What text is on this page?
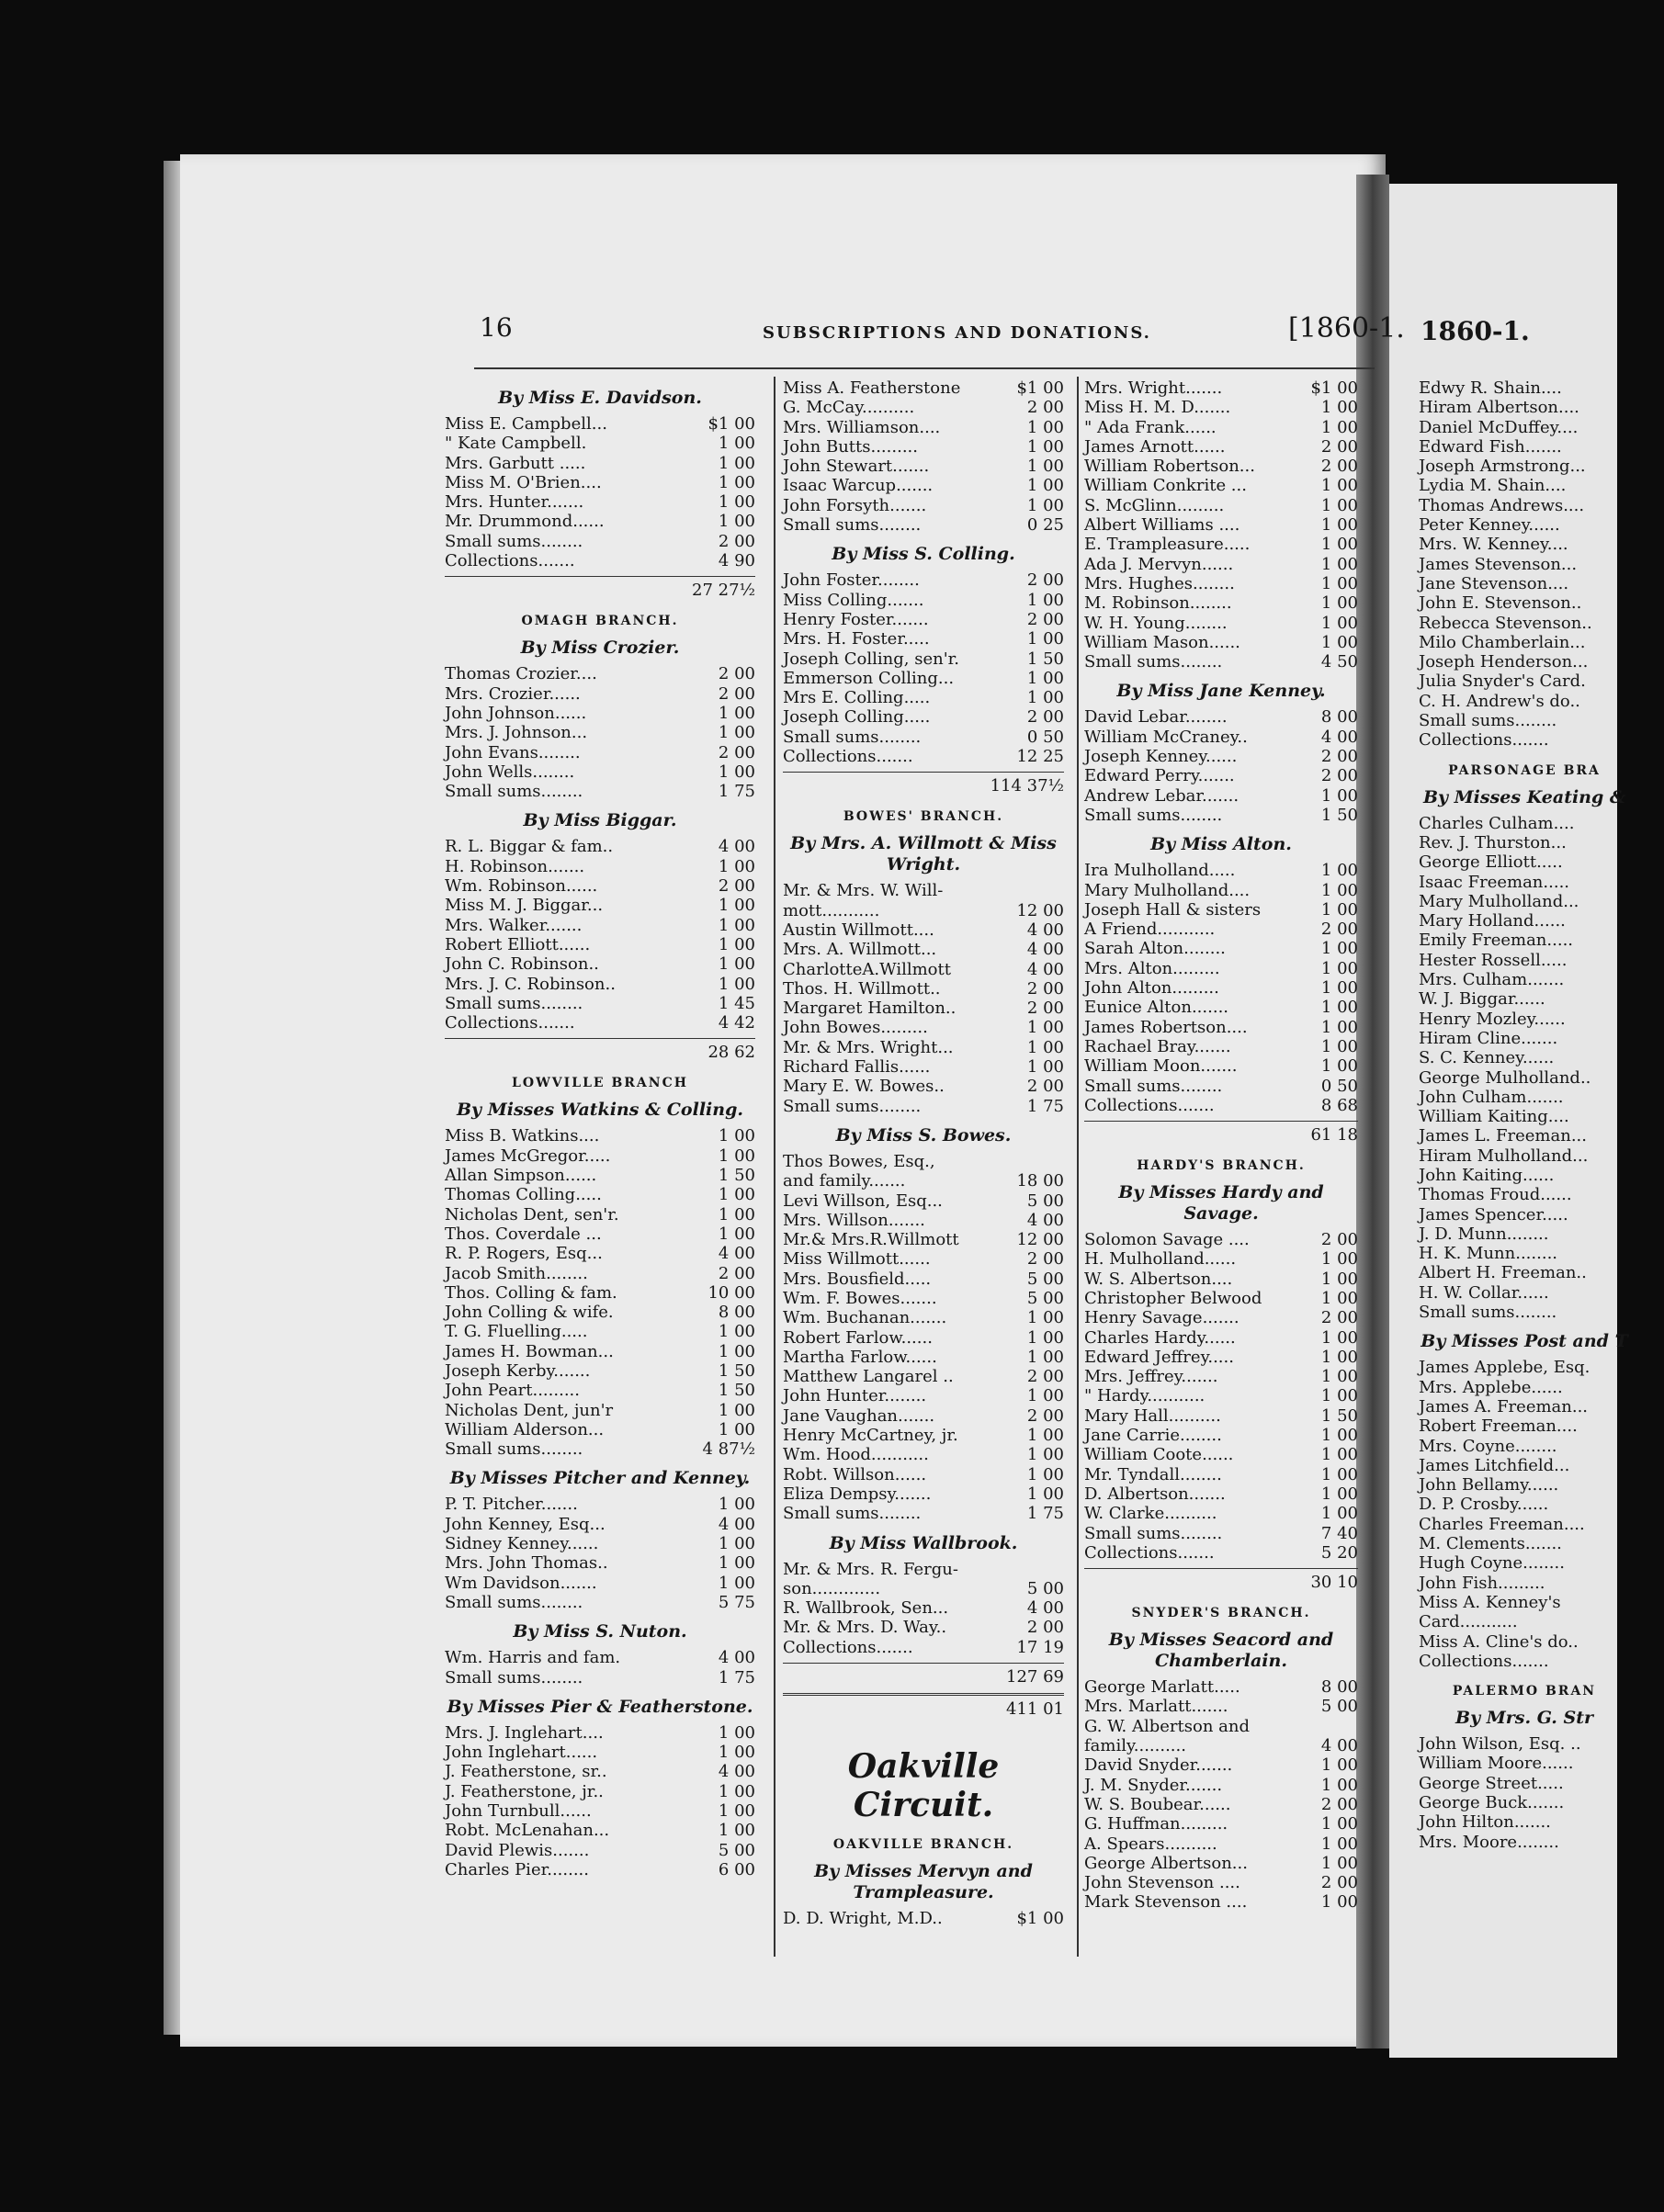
16	SUBSCRIPTIONS AND DONATIONS.	[1860-1. 1860-1.
By Miss E. Davidson.
Miss E. Campbell...	$1 00
" Kate Campbell.	1 00
Mrs. Garbutt .....	1 00
Miss M. O'Brien....	1 00
Mrs. Hunter.......	1 00
Mr. Drummond......	1 00
Small sums........	2 00
Collections.......	4 90
27 27½
OMAGH BRANCH.
By Miss Crozier.
Thomas Crozier....	2 00
Mrs. Crozier......	2 00
John Johnson......	1 00
Mrs. J. Johnson...	1 00
John Evans........	2 00
John Wells........	1 00
Small sums........	1 75
By Miss Biggar.
R. L. Biggar & fam..	4 00
H. Robinson.......	1 00
Wm. Robinson......	2 00
Miss M. J. Biggar...	1 00
Mrs. Walker.......	1 00
Robert Elliott......	1 00
John C. Robinson..	1 00
Mrs. J. C. Robinson..	1 00
Small sums........	1 45
Collections.......	4 42
28 62
LOWVILLE BRANCH
By Misses Watkins & Colling.
Miss B. Watkins....	1 00
James McGregor.....	1 00
Allan Simpson......	1 50
Thomas Colling.....	1 00
Nicholas Dent, sen'r.	1 00
Thos. Coverdale ...	1 00
R. P. Rogers, Esq...	4 00
Jacob Smith........	2 00
Thos. Colling & fam.	10 00
John Colling & wife.	8 00
T. G. Fluelling.....	1 00
James H. Bowman...	1 00
Joseph Kerby.......	1 50
John Peart.........	1 50
Nicholas Dent, jun'r	1 00
William Alderson...	1 00
Small sums........	4 87½
By Misses Pitcher and Kenney.
P. T. Pitcher.......	1 00
John Kenney, Esq...	4 00
Sidney Kenney......	1 00
Mrs. John Thomas..	1 00
Wm Davidson.......	1 00
Small sums........	5 75
By Miss S. Nuton.
Wm. Harris and fam.	4 00
Small sums........	1 75
By Misses Pier & Featherstone.
Mrs. J. Inglehart....	1 00
John Inglehart......	1 00
J. Featherstone, sr..	4 00
J. Featherstone, jr..	1 00
John Turnbull......	1 00
Robt. McLenahan...	1 00
David Plewis.......	5 00
Charles Pier........	6 00
Miss A. Featherstone	$1 00
G. McCay..........	2 00
Mrs. Williamson....	1 00
John Butts.........	1 00
John Stewart.......	1 00
Isaac Warcup.......	1 00
John Forsyth.......	1 00
Small sums........	0 25
By Miss S. Colling.
John Foster........	2 00
Miss Colling.......	1 00
Henry Foster.......	2 00
Mrs. H. Foster.....	1 00
Joseph Colling, sen'r.	1 50
Emmerson Colling...	1 00
Mrs E. Colling.....	1 00
Joseph Colling.....	2 00
Small sums........	0 50
Collections.......	12 25
114 37½
BOWES' BRANCH.
By Mrs. A. Willmott & Miss Wright.
Mr. & Mrs. W. Will-
mott...........	12 00
Austin Willmott....	4 00
Mrs. A. Willmott...	4 00
CharlotteA.Willmott	4 00
Thos. H. Willmott..	2 00
Margaret Hamilton..	2 00
John Bowes.........	1 00
Mr. & Mrs. Wright...	1 00
Richard Fallis......	1 00
Mary E. W. Bowes..	2 00
Small sums........	1 75
By Miss S. Bowes.
Thos Bowes, Esq.,
and family.......	18 00
Levi Willson, Esq...	5 00
Mrs. Willson.......	4 00
Mr.& Mrs.R.Willmott	12 00
Miss Willmott......	2 00
Mrs. Bousfield.....	5 00
Wm. F. Bowes.......	5 00
Wm. Buchanan.......	1 00
Robert Farlow......	1 00
Martha Farlow......	1 00
Matthew Langarel ..	2 00
John Hunter........	1 00
Jane Vaughan.......	2 00
Henry McCartney, jr.	1 00
Wm. Hood...........	1 00
Robt. Willson......	1 00
Eliza Dempsy.......	1 00
Small sums........	1 75
By Miss Wallbrook.
Mr. & Mrs. R. Fergu-
son.............	5 00
R. Wallbrook, Sen...	4 00
Mr. & Mrs. D. Way..	2 00
Collections.......	17 19
127 69
411 01
Oakville Circuit.
OAKVILLE BRANCH.
By Misses Mervyn and Trampleasure.
D. D. Wright, M.D..	$1 00
Mrs. Wright.......	$1 00
Miss H. M. D.......	1 00
" Ada Frank......	1 00
James Arnott......	2 00
William Robertson...	2 00
William Conkrite ...	1 00
S. McGlinn.........	1 00
Albert Williams ....	1 00
E. Trampleasure.....	1 00
Ada J. Mervyn......	1 00
Mrs. Hughes........	1 00
M. Robinson........	1 00
W. H. Young........	1 00
William Mason......	1 00
Small sums........	4 50
By Miss Jane Kenney.
David Lebar........	8 00
William McCraney..	4 00
Joseph Kenney......	2 00
Edward Perry.......	2 00
Andrew Lebar.......	1 00
Small sums........	1 50
By Miss Alton.
Ira Mulholland.....	1 00
Mary Mulholland....	1 00
Joseph Hall & sisters	1 00
A Friend...........	2 00
Sarah Alton........	1 00
Mrs. Alton.........	1 00
John Alton.........	1 00
Eunice Alton.......	1 00
James Robertson....	1 00
Rachael Bray.......	1 00
William Moon.......	1 00
Small sums........	0 50
Collections.......	8 68
61 18
HARDY'S BRANCH.
By Misses Hardy and Savage.
Solomon Savage ....	2 00
H. Mulholland......	1 00
W. S. Albertson....	1 00
Christopher Belwood	1 00
Henry Savage.......	2 00
Charles Hardy......	1 00
Edward Jeffrey.....	1 00
Mrs. Jeffrey.......	1 00
" Hardy...........	1 00
Mary Hall..........	1 50
Jane Carrie........	1 00
William Coote......	1 00
Mr. Tyndall........	1 00
D. Albertson.......	1 00
W. Clarke..........	1 00
Small sums........	7 40
Collections.......	5 20
30 10
SNYDER'S BRANCH.
By Misses Seacord and Chamberlain.
George Marlatt.....	8 00
Mrs. Marlatt.......	5 00
G. W. Albertson and
family..........	4 00
David Snyder.......	1 00
J. M. Snyder.......	1 00
W. S. Boubear......	2 00
G. Huffman.........	1 00
A. Spears..........	1 00
George Albertson...	1 00
John Stevenson ....	2 00
Mark Stevenson ....	1 00
Edwy R. Shain....
Hiram Albertson....
Daniel McDuffey....
Edward Fish.......
Joseph Armstrong...
Lydia M. Shain....
Thomas Andrews....
Peter Kenney......
Mrs. W. Kenney....
James Stevenson...
Jane Stevenson....
John E. Stevenson..
Rebecca Stevenson..
Milo Chamberlain...
Joseph Henderson...
Julia Snyder's Card.
C. H. Andrew's do..
Small sums........
Collections.......
PARSONAGE BRA
By Misses Keating &
Charles Culham....
Rev. J. Thurston...
George Elliott.....
Isaac Freeman.....
Mary Mulholland...
Mary Holland......
Emily Freeman.....
Hester Rossell.....
Mrs. Culham.......
W. J. Biggar......
Henry Mozley......
Hiram Cline.......
S. C. Kenney......
George Mulholland..
John Culham.......
William Kaiting....
James L. Freeman...
Hiram Mulholland...
John Kaiting......
Thomas Froud......
James Spencer.....
J. D. Munn........
H. K. Munn........
Albert H. Freeman..
H. W. Collar......
Small sums........
By Misses Post and T
James Applebe, Esq.
Mrs. Applebe......
James A. Freeman...
Robert Freeman....
Mrs. Coyne........
James Litchfield...
John Bellamy......
D. P. Crosby......
Charles Freeman....
M. Clements.......
Hugh Coyne........
John Fish.........
Miss A. Kenney's
Card...........
Miss A. Cline's do..
Collections.......
PALERMO BRAN
By Mrs. G. Str
John Wilson, Esq. ..
William Moore......
George Street.....
George Buck.......
John Hilton.......
Mrs. Moore........
